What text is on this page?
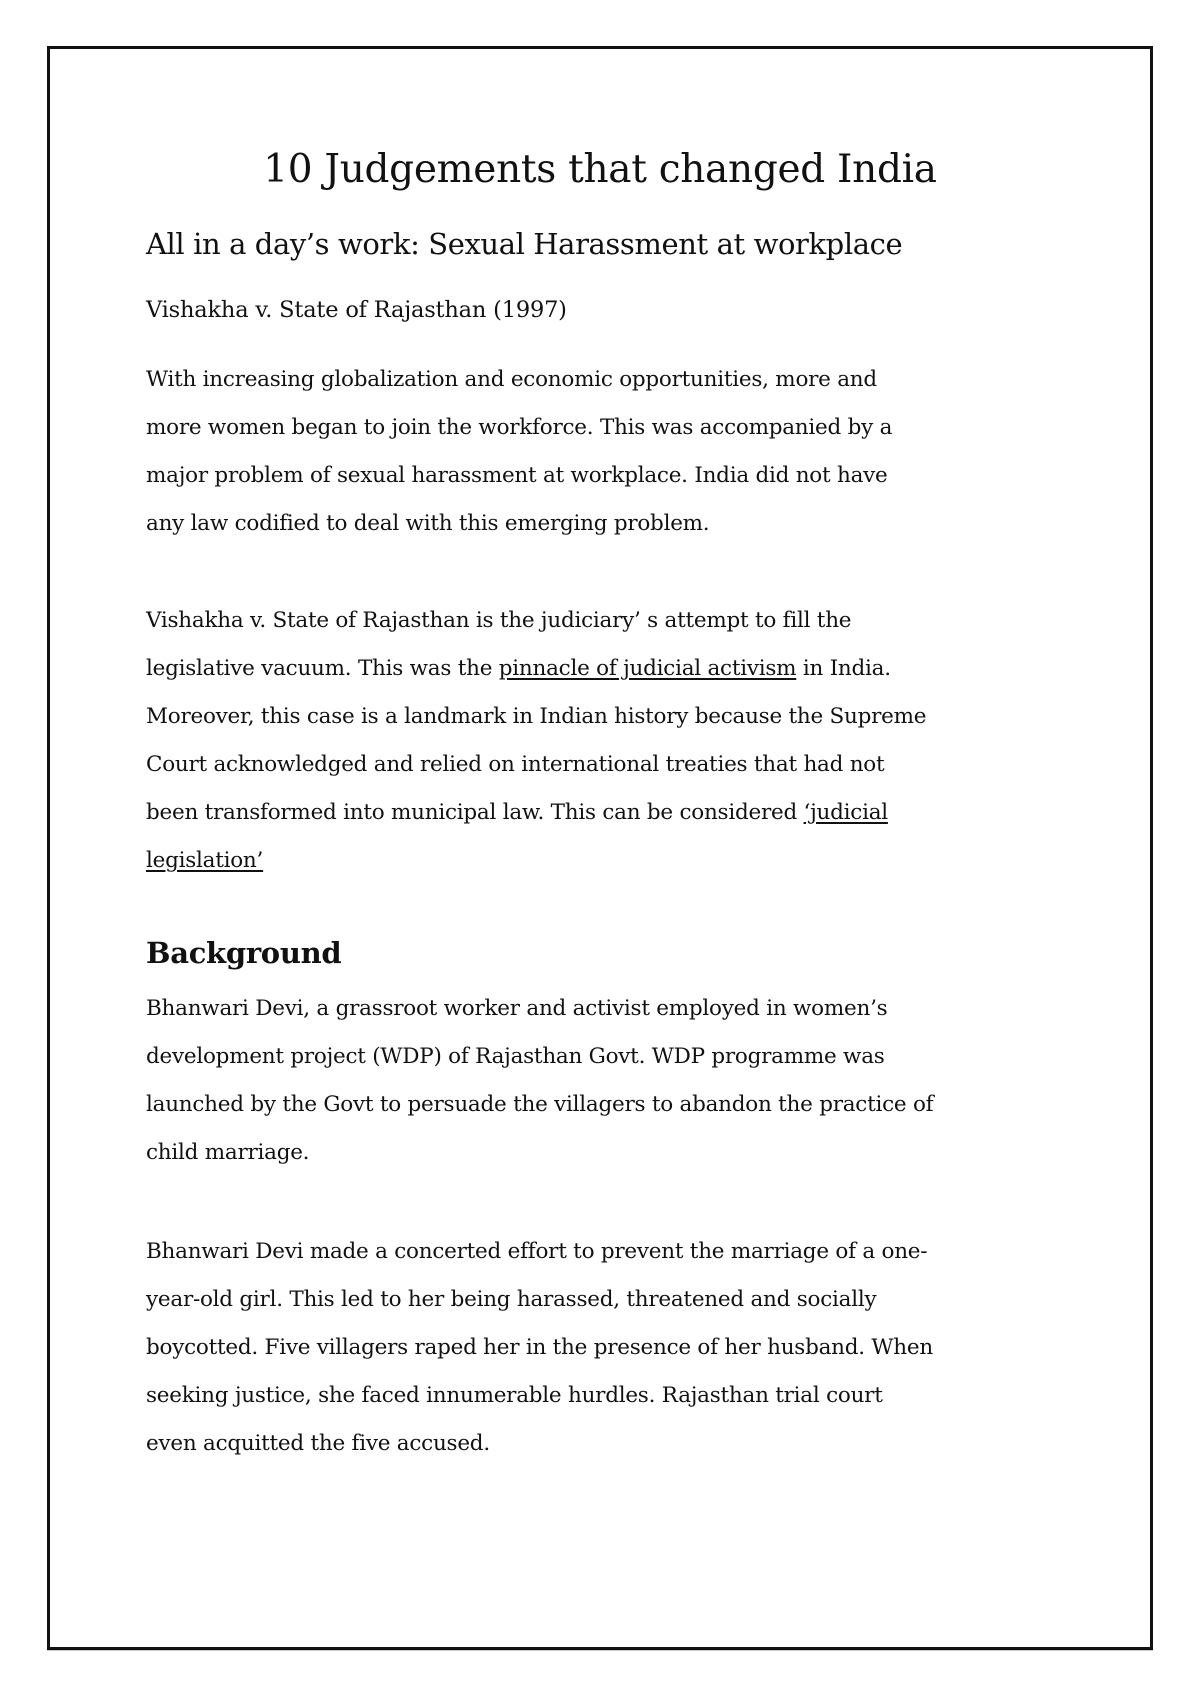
10 Judgements that changed India
All in a day’s work: Sexual Harassment at workplace
Vishakha v. State of Rajasthan (1997)
With increasing globalization and economic opportunities, more and
more women began to join the workforce. This was accompanied by a
major problem of sexual harassment at workplace. India did not have
any law codified to deal with this emerging problem.
Vishakha v. State of Rajasthan is the judiciary’ s attempt to fill the
legislative vacuum. This was the pinnacle of judicial activism in India.
Moreover, this case is a landmark in Indian history because the Supreme
Court acknowledged and relied on international treaties that had not
been transformed into municipal law. This can be considered ‘judicial
legislation’
Background
Bhanwari Devi, a grassroot worker and activist employed in women’s
development project (WDP) of Rajasthan Govt. WDP programme was
launched by the Govt to persuade the villagers to abandon the practice of
child marriage.
Bhanwari Devi made a concerted effort to prevent the marriage of a one-
year-old girl. This led to her being harassed, threatened and socially
boycotted. Five villagers raped her in the presence of her husband. When
seeking justice, she faced innumerable hurdles. Rajasthan trial court
even acquitted the five accused.
